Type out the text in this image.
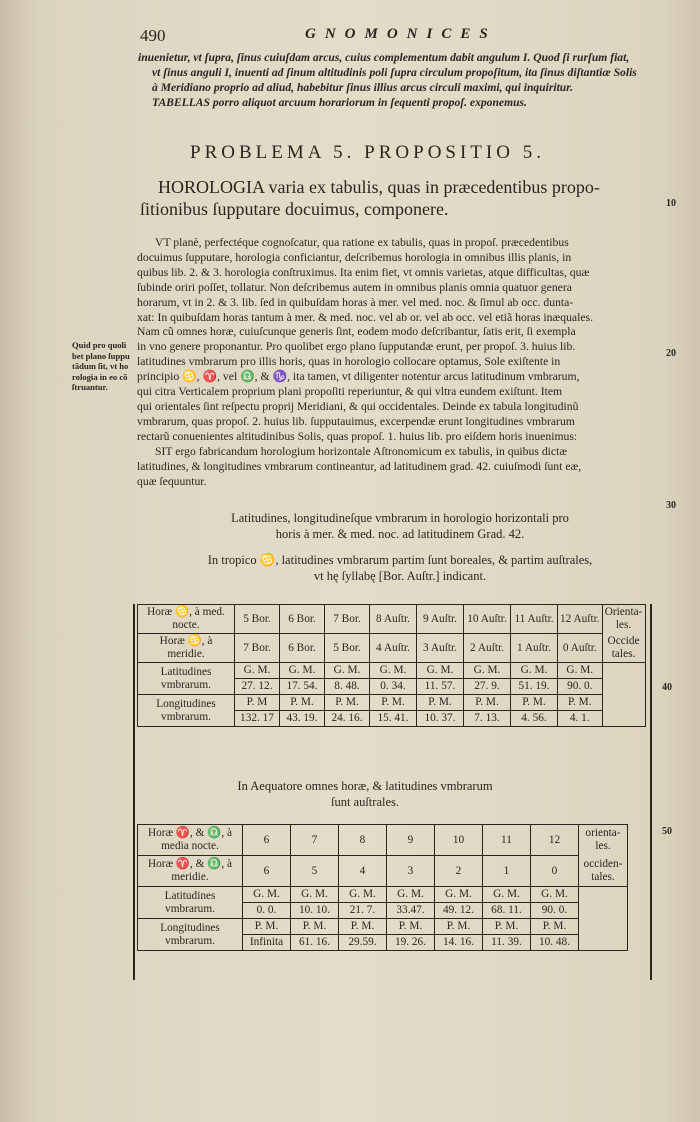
490	GNOMONICES

inuenietur, vt ſupra, ſinus cuiuſdam arcus, cuius complementum dabit angulum I. Quod ſi rurſum fiat,

vt ſinus anguli I, inuenti ad ſinum altitudinis poli ſupra circulum propoſitum, ita ſinus diſtantiæ Solis

à Meridiano proprio ad aliud, habebitur ſinus illius arcus circuli maximi, qui inquiritur.

TABELLAS porro aliquot arcuum horariorum in ſequenti propoſ. exponemus.

PROBLEMA 5. PROPOSITIO 5.

HOROLOGIA varia ex tabulis, quas in præcedentibus propo-

ſitionibus ſupputare docuimus, componere.

VT planè, perfectéque cognoſcatur, qua ratione ex tabulis, quas in propoſ. præcedentibus

docuimus ſupputare, horologia conficiantur, deſcribemus horologia in omnibus illis planis, in

quibus lib. 2. & 3. horologia conſtruximus. Ita enim fiet, vt omnis varietas, atque difficultas, quæ

ſubinde oriri poſſet, tollatur. Non deſcribemus autem in omnibus planis omnia quatuor genera

horarum, vt in 2. & 3. lib. ſed in quibuſdam horas à mer. vel med. noc. & ſimul ab occ. dunta-

xat: In quibuſdam horas tantum à mer. & med. noc. vel ab or. vel ab occ. vel etiã horas inæquales.

Nam cũ omnes horæ, cuiuſcunque generis ſint, eodem modo deſcribantur, ſatis erit, ſi exempla

in vno genere proponantur. Pro quolibet ergo plano ſupputandæ erunt, per propoſ. 3. huius lib.

latitudines vmbrarum pro illis horis, quas in horologio collocare optamus, Sole exiſtente in

principio ♋, ♈, vel ♎, & ♑, ita tamen, vt diligenter notentur arcus latitudinum vmbrarum,

qui citra Verticalem proprium plani propoſiti reperiuntur, & qui vltra eundem exiſtunt. Item

qui orientales ſint reſpectu proprij Meridiani, & qui occidentales. Deinde ex tabula longitudinũ

vmbrarum, quas propoſ. 2. huius lib. ſupputauimus, excerpendæ erunt longitudines vmbrarum

rectarũ conuenientes altitudinibus Solis, quas propoſ. 1. huius lib. pro eiſdem horis inuenimus:

SIT ergo fabricandum horologium horizontale Aſtronomicum ex tabulis, in quibus dictæ

latitudines, & longitudines vmbrarum contineantur, ad latitudinem grad. 42. cuiuſmodi ſunt eæ,

quæ ſequuntur.

Quid pro quoli

bet plano ſuppu

tãdum ſit, vt ho

rologia in eo cõ

ſtruantur.

10
20
30
40
50

Latitudines, longitudineſque vmbrarum in horologio horizontali pro

horis à mer. & med. noc. ad latitudinem Grad. 42.

In tropico ♋, latitudines vmbrarum partim ſunt boreales, & partim auſtrales,

vt hę ſyllabę [Bor. Auſtr.] indicant.

Horæ ♋, à med. nocte.	5 Bor.	6 Bor.	7 Bor.	8 Auſtr.	9 Auſtr.	10 Auſtr.	11 Auſtr.	12 Auſtr.	Orienta-les.
Horæ ♋, à meridie.	7 Bor.	6 Bor.	5 Bor.	4 Auſtr.	3 Auſtr.	2 Auſtr.	1 Auſtr.	0 Auſtr.	Occide tales.
Latitudines vmbrarum.	G. M.	G. M.	G. M.	G. M.	G. M.	G. M.	G. M.	G. M.	
	27. 12.	17. 54.	8. 48.	0. 34.	11. 57.	27. 9.	51. 19.	90. 0.	
Longitudines vmbrarum.	P. M	P. M.	P. M.	P. M.	P. M.	P. M.	P. M.	P. M.	
	132. 17	43. 19.	24. 16.	15. 41.	10. 37.	7. 13.	4. 56.	4. 1.	

In Aequatore omnes horæ, & latitudines vmbrarum

ſunt auſtrales.

Horæ ♈, & ♎, à media nocte.	6	7	8	9	10	11	12	orienta-les.
Horæ ♈, & ♎, à meridie.	6	5	4	3	2	1	0	occiden-tales.
Latitudines vmbrarum.	G. M.	G. M.	G. M.	G. M.	G. M.	G. M.	G. M.	
	0. 0.	10. 10.	21. 7.	33.47.	49. 12.	68. 11.	90. 0.	
Longitudines vmbrarum.	P. M.	P. M.	P. M.	P. M.	P. M.	P. M.	P. M.	
	Infinita	61. 16.	29.59.	19. 26.	14. 16.	11. 39.	10. 48.	
